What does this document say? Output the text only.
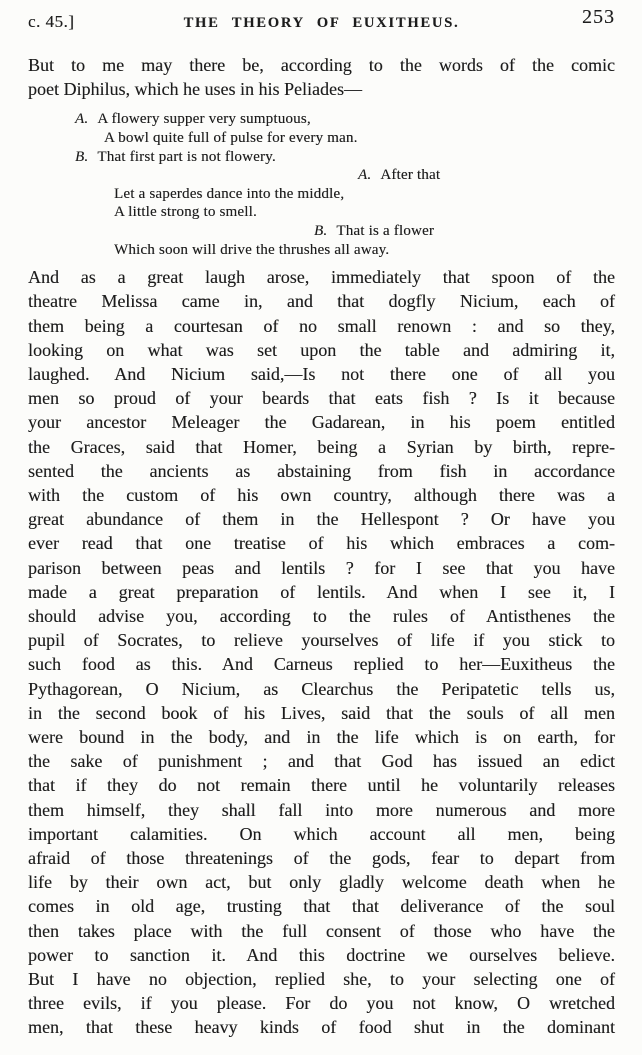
c. 45.]	THE THEORY OF EUXITHEUS.	253
But to me may there be, according to the words of the comic
poet Diphilus, which he uses in his Peliades—
A. A flowery supper very sumptuous,
A bowl quite full of pulse for every man.
B. That first part is not flowery.
A. After that
Let a saperdes dance into the middle,
A little strong to smell.
B. That is a flower
Which soon will drive the thrushes all away.
And as a great laugh arose, immediately that spoon of the
theatre Melissa came in, and that dogfly Nicium, each of
them being a courtesan of no small renown : and so they,
looking on what was set upon the table and admiring it,
laughed. And Nicium said,—Is not there one of all you
men so proud of your beards that eats fish ? Is it because
your ancestor Meleager the Gadarean, in his poem entitled
the Graces, said that Homer, being a Syrian by birth, repre-
sented the ancients as abstaining from fish in accordance
with the custom of his own country, although there was a
great abundance of them in the Hellespont ? Or have you
ever read that one treatise of his which embraces a com-
parison between peas and lentils ? for I see that you have
made a great preparation of lentils. And when I see it, I
should advise you, according to the rules of Antisthenes the
pupil of Socrates, to relieve yourselves of life if you stick to
such food as this. And Carneus replied to her—Euxitheus the
Pythagorean, O Nicium, as Clearchus the Peripatetic tells us,
in the second book of his Lives, said that the souls of all men
were bound in the body, and in the life which is on earth, for
the sake of punishment ; and that God has issued an edict
that if they do not remain there until he voluntarily releases
them himself, they shall fall into more numerous and more
important calamities. On which account all men, being
afraid of those threatenings of the gods, fear to depart from
life by their own act, but only gladly welcome death when he
comes in old age, trusting that that deliverance of the soul
then takes place with the full consent of those who have the
power to sanction it. And this doctrine we ourselves believe.
But I have no objection, replied she, to your selecting one of
three evils, if you please. For do you not know, O wretched
men, that these heavy kinds of food shut in the dominant
